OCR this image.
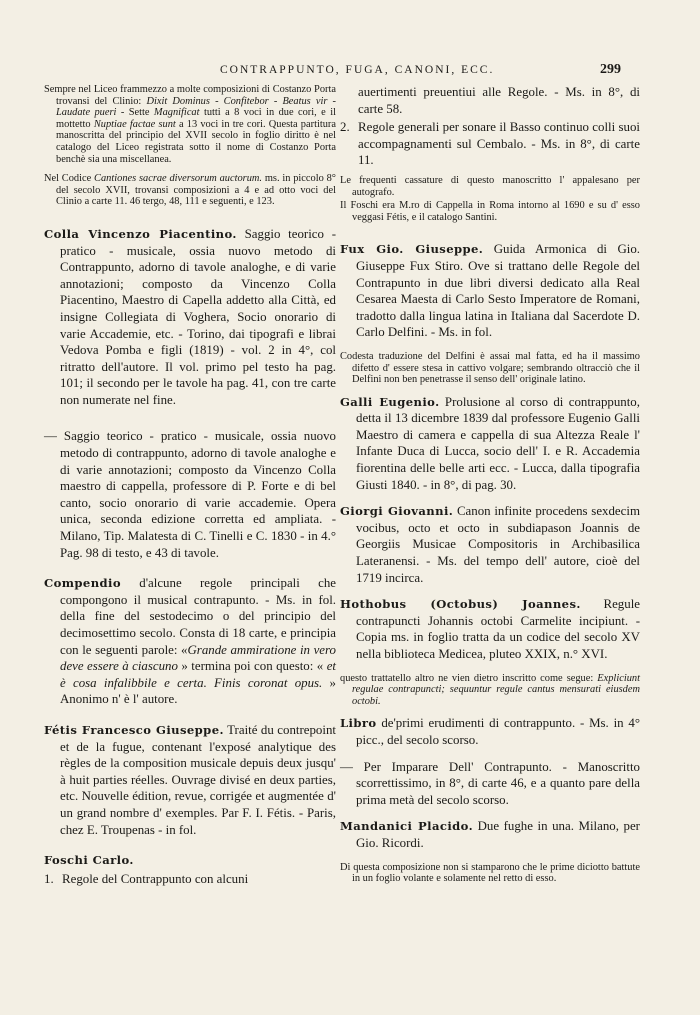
CONTRAPPUNTO, FUGA, CANONI, ECC.	299

Sempre nel Liceo frammezzo a molte composizioni di Costanzo Porta trovansi del Clinio: Dixit Dominus - Confitebor - Beatus vir - Laudate pueri - Sette Magnificat tutti a 8 voci in due cori, e il mottetto Nuptiae factae sunt a 13 voci in tre cori. Questa partitura manoscritta del principio del XVII secolo in foglio diritto è nel catalogo del Liceo registrata sotto il nome di Costanzo Porta benchè sia una miscellanea.

Nel Codice Cantiones sacrae diversorum auctorum. ms. in piccolo 8° del secolo XVII, trovansi composizioni a 4 e ad otto voci del Clinio a carte 11. 46 tergo, 48, 111 e seguenti, e 123.

Colla Vincenzo Piacentino. Saggio teorico - pratico - musicale, ossia nuovo metodo di Contrappunto, adorno di tavole analoghe, e di varie annotazioni; composto da Vincenzo Colla Piacentino, Maestro di Capella addetto alla Città, ed insigne Collegiata di Voghera, Socio onorario di varie Accademie, etc. - Torino, dai tipografi e librai Vedova Pomba e figli (1819) - vol. 2 in 4°, col ritratto dell'autore. Il vol. primo pel testo ha pag. 101; il secondo per le tavole ha pag. 41, con tre carte non numerate nel fine.

— Saggio teorico - pratico - musicale, ossia nuovo metodo di contrappunto, adorno di tavole analoghe e di varie annotazioni; composto da Vincenzo Colla maestro di cappella, professore di P. Forte e di bel canto, socio onorario di varie accademie. Opera unica, seconda edizione corretta ed ampliata. - Milano, Tip. Malatesta di C. Tinelli e C. 1830 - in 4.° Pag. 98 di testo, e 43 di tavole.

Compendio d'alcune regole principali che compongono il musical contrapunto. - Ms. in fol. della fine del sestodecimo o del principio del decimosettimo secolo. Consta di 18 carte, e principia con le seguenti parole: «Grande ammiratione in vero deve essere à ciascuno » termina poi con questo: « et è cosa infalibbile e certa. Finis coronat opus. » Anonimo n' è l' autore.

Fétis Francesco Giuseppe. Traité du contrepoint et de la fugue, contenant l'exposé analytique des règles de la composition musicale depuis deux jusqu' à huit parties réelles. Ouvrage divisé en deux parties, etc. Nouvelle édition, revue, corrigée et augmentée d' un grand nombre d' exemples. Par F. I. Fétis. - Paris, chez E. Troupenas - in fol.

Foschi Carlo.

1. Regole del Contrappunto con alcuni

auertimenti preuentiui alle Regole. - Ms. in 8°, di carte 58.

2. Regole generali per sonare il Basso continuo colli suoi accompagnamenti sul Cembalo. - Ms. in 8°, di carte 11.

Le frequenti cassature di questo manoscritto l' appalesano per autografo.

Il Foschi era M.ro di Cappella in Roma intorno al 1690 e su d' esso veggasi Fétis, e il catalogo Santini.

Fux Gio. Giuseppe. Guida Armonica di Gio. Giuseppe Fux Stiro. Ove si trattano delle Regole del Contrapunto in due libri diversi dedicato alla Real Cesarea Maesta di Carlo Sesto Imperatore de Romani, tradotto dalla lingua latina in Italiana dal Sacerdote D. Carlo Delfini. - Ms. in fol.

Codesta traduzione del Delfini è assai mal fatta, ed ha il massimo difetto d' essere stesa in cattivo volgare; sembrando oltracciò che il Delfini non ben penetrasse il senso dell' originale latino.

Galli Eugenio. Prolusione al corso di contrappunto, detta il 13 dicembre 1839 dal professore Eugenio Galli Maestro di camera e cappella di sua Altezza Reale l' Infante Duca di Lucca, socio dell' I. e R. Accademia fiorentina delle belle arti ecc. - Lucca, dalla tipografia Giusti 1840. - in 8°, di pag. 30.

Giorgi Giovanni. Canon infinite procedens sexdecim vocibus, octo et octo in subdiapason Joannis de Georgiis Musicae Compositoris in Archibasilica Lateranensi. - Ms. del tempo dell' autore, cioè del 1719 incirca.

Hothobus (Octobus) Joannes. Regule contrapuncti Johannis octobi Carmelite incipiunt. - Copia ms. in foglio tratta da un codice del secolo XV nella biblioteca Medicea, pluteo XXIX, n.° XVI.

questo trattatello altro ne vien dietro inscritto come segue: Expliciunt regulae contrapuncti; sequuntur regule cantus mensurati eiusdem octobi.

Libro de'primi erudimenti di contrappunto. - Ms. in 4° picc., del secolo scorso.

— Per Imparare Dell' Contrapunto. - Manoscritto scorrettissimo, in 8°, di carte 46, e a quanto pare della prima metà del secolo scorso.

Mandanici Placido. Due fughe in una. Milano, per Gio. Ricordi.

Di questa composizione non si stamparono che le prime diciotto battute in un foglio volante e solamente nel retto di esso.
